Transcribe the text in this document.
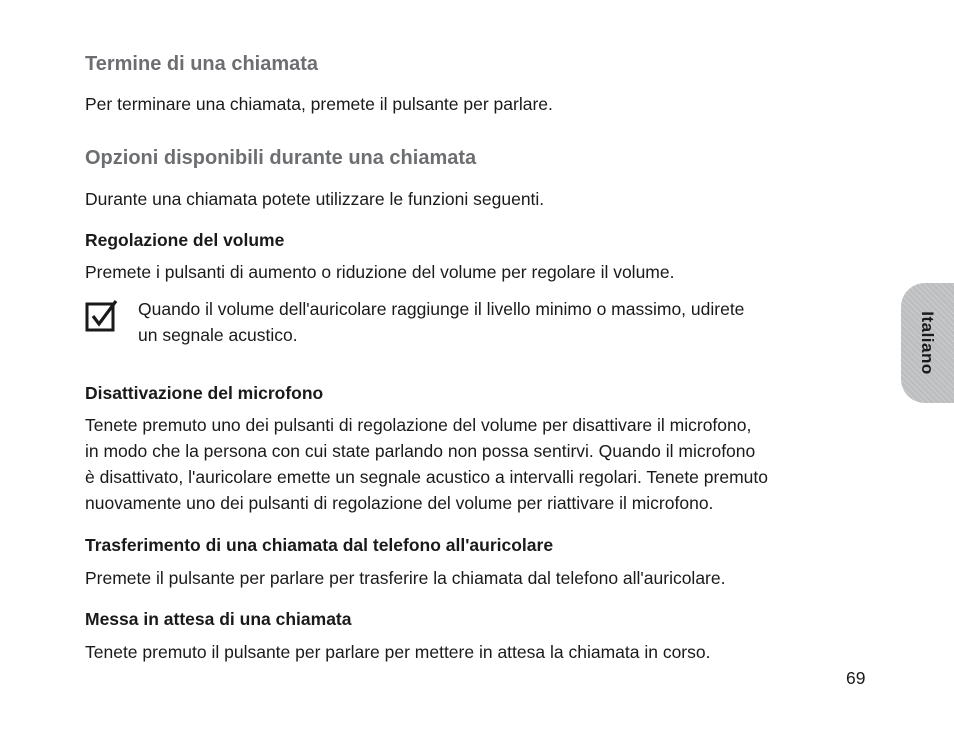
Termine di una chiamata

Per terminare una chiamata, premete il pulsante per parlare.

Opzioni disponibili durante una chiamata

Durante una chiamata potete utilizzare le funzioni seguenti.

Regolazione del volume

Premete i pulsanti di aumento o riduzione del volume per regolare il volume.

Quando il volume dell'auricolare raggiunge il livello minimo o massimo, udirete
un segnale acustico.
Disattivazione del microfono
Tenete premuto uno dei pulsanti di regolazione del volume per disattivare il microfono,
in modo che la persona con cui state parlando non possa sentirvi. Quando il microfono
è disattivato, l'auricolare emette un segnale acustico a intervalli regolari. Tenete premuto
nuovamente uno dei pulsanti di regolazione del volume per riattivare il microfono.
Trasferimento di una chiamata dal telefono all'auricolare

Premete il pulsante per parlare per trasferire la chiamata dal telefono all'auricolare.

Messa in attesa di una chiamata

Tenete premuto il pulsante per parlare per mettere in attesa la chiamata in corso.

Italiano
69
